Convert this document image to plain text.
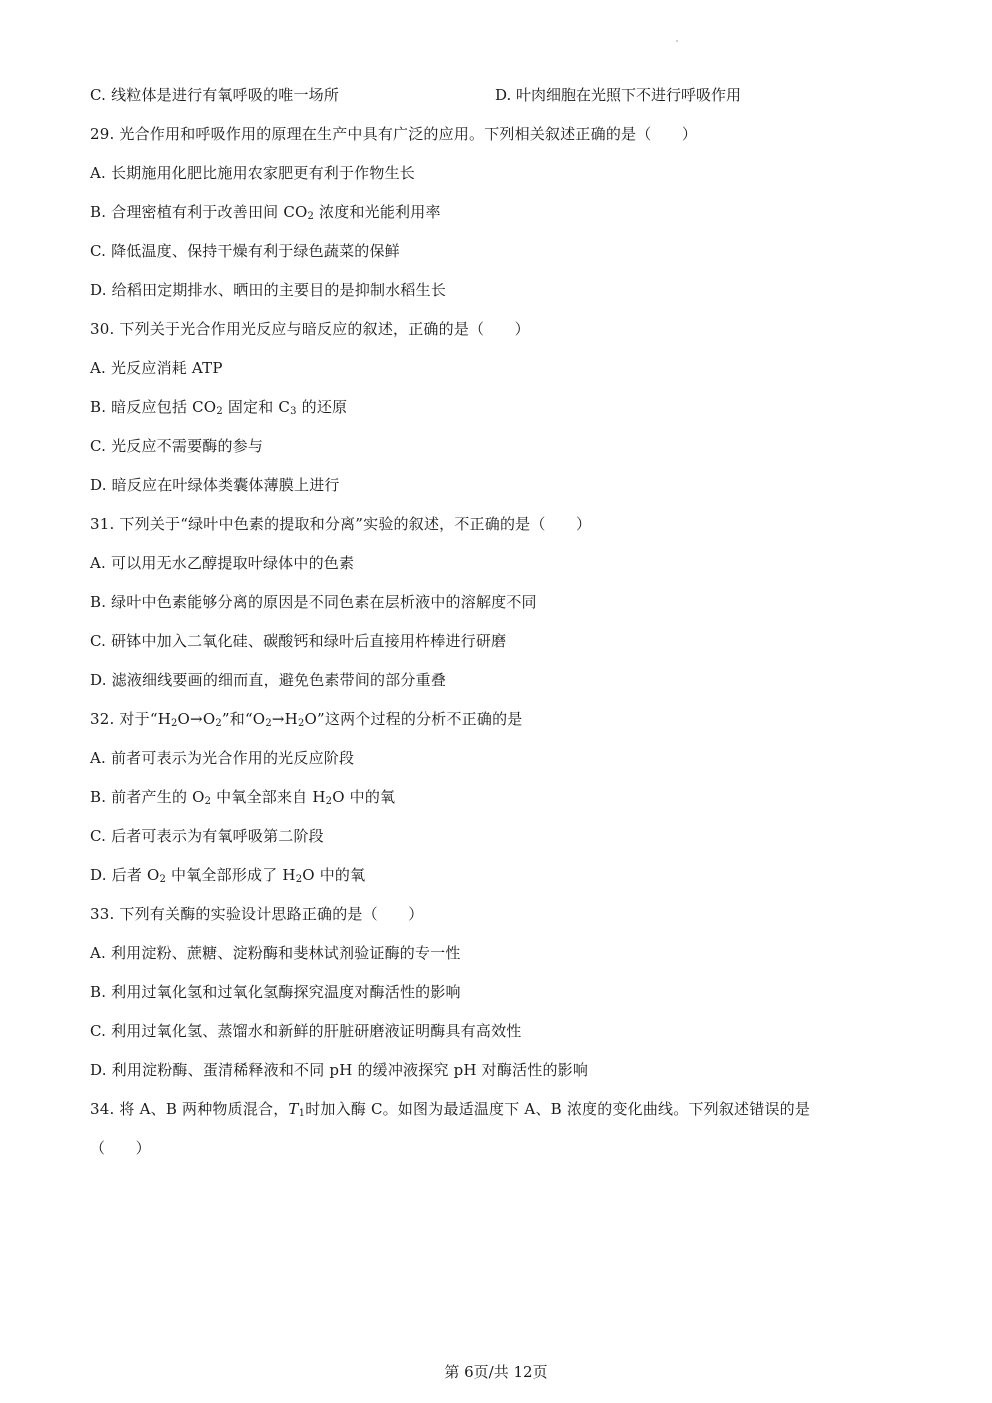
C. 线粒体是进行有氧呼吸的唯一场所	D. 叶肉细胞在光照下不进行呼吸作用
29. 光合作用和呼吸作用的原理在生产中具有广泛的应用。下列相关叙述正确的是（　　）
A. 长期施用化肥比施用农家肥更有利于作物生长
B. 合理密植有利于改善田间 $CO_2$ 浓度和光能利用率
C. 降低温度、保持干燥有利于绿色蔬菜的保鲜
D. 给稻田定期排水、晒田的主要目的是抑制水稻生长
30. 下列关于光合作用光反应与暗反应的叙述，正确的是（　　）
A. 光反应消耗 ATP
B. 暗反应包括 $CO_2$ 固定和 $C_3$ 的还原
C. 光反应不需要酶的参与
D. 暗反应在叶绿体类囊体薄膜上进行
31. 下列关于“绿叶中色素的提取和分离”实验的叙述，不正确的是（　　）
A. 可以用无水乙醇提取叶绿体中的色素
B. 绿叶中色素能够分离的原因是不同色素在层析液中的溶解度不同
C. 研钵中加入二氧化硅、碳酸钙和绿叶后直接用杵棒进行研磨
D. 滤液细线要画的细而直，避免色素带间的部分重叠
32. 对于“$H_2O\to O_2$”和“$O_2\to H_2O$”这两个过程的分析不正确的是
A. 前者可表示为光合作用的光反应阶段
B. 前者产生的 $O_2$ 中氧全部来自 $H_2O$ 中的氧
C. 后者可表示为有氧呼吸第二阶段
D. 后者 $O_2$ 中氧全部形成了 $H_2O$ 中的氧
33. 下列有关酶的实验设计思路正确的是（　　）
A. 利用淀粉、蔗糖、淀粉酶和斐林试剂验证酶的专一性
B. 利用过氧化氢和过氧化氢酶探究温度对酶活性的影响
C. 利用过氧化氢、蒸馏水和新鲜的肝脏研磨液证明酶具有高效性
D. 利用淀粉酶、蛋清稀释液和不同 pH 的缓冲液探究 pH 对酶活性的影响
34. 将 A、B 两种物质混合，$T_1$时加入酶 C。如图为最适温度下 A、B 浓度的变化曲线。下列叙述错误的是
（　　）
第 6页/共 12页
